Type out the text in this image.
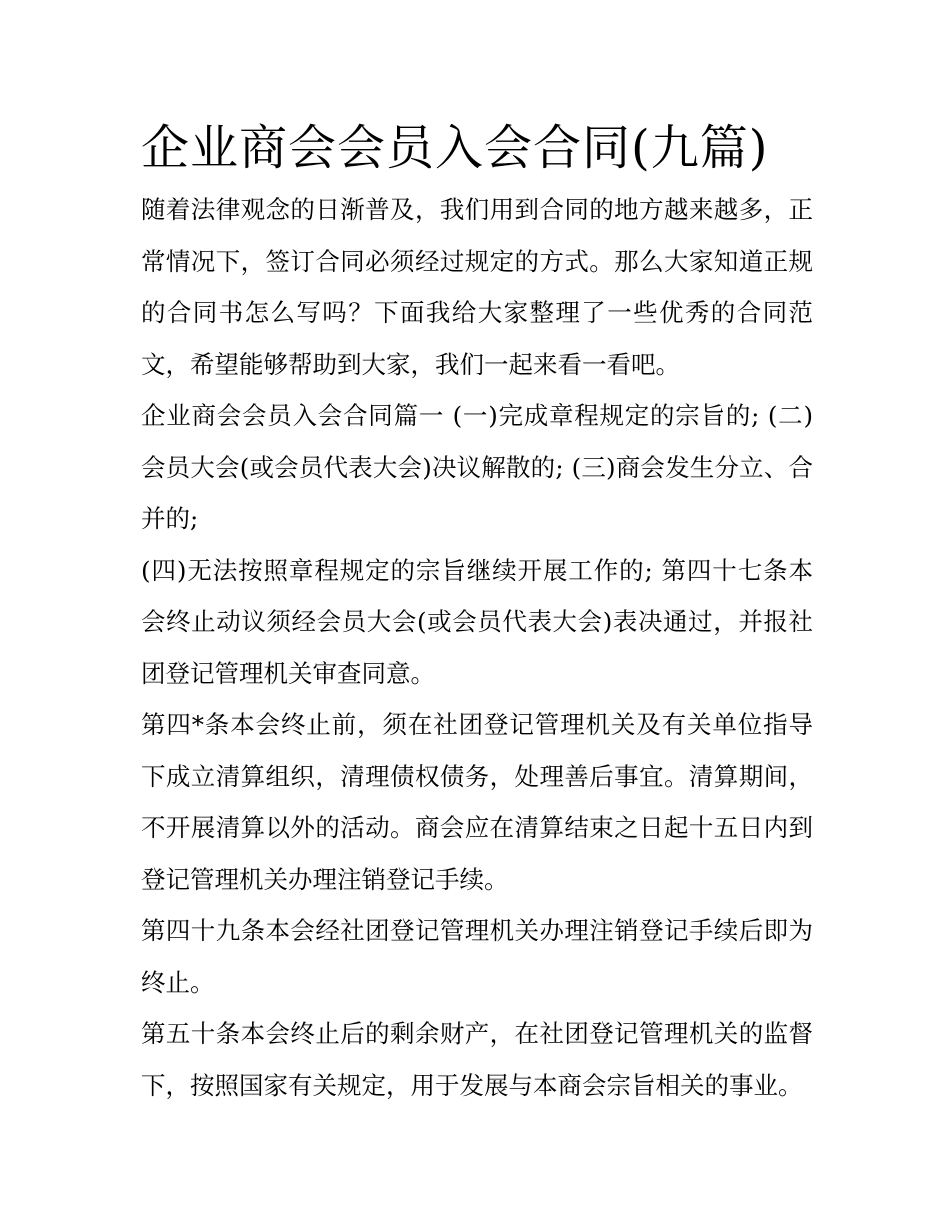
企业商会会员入会合同(九篇)

随着法律观念的日渐普及，我们用到合同的地方越来越多，正常情况下，签订合同必须经过规定的方式。那么大家知道正规的合同书怎么写吗？下面我给大家整理了一些优秀的合同范文，希望能够帮助到大家，我们一起来看一看吧。

企业商会会员入会合同篇一 (一)完成章程规定的宗旨的; (二)会员大会(或会员代表大会)决议解散的; (三)商会发生分立、合并的;

(四)无法按照章程规定的宗旨继续开展工作的; 第四十七条本会终止动议须经会员大会(或会员代表大会)表决通过，并报社团登记管理机关审查同意。

第四*条本会终止前，须在社团登记管理机关及有关单位指导下成立清算组织，清理债权债务，处理善后事宜。清算期间，不开展清算以外的活动。商会应在清算结束之日起十五日内到登记管理机关办理注销登记手续。

第四十九条本会经社团登记管理机关办理注销登记手续后即为终止。

第五十条本会终止后的剩余财产，在社团登记管理机关的监督下，按照国家有关规定，用于发展与本商会宗旨相关的事业。
